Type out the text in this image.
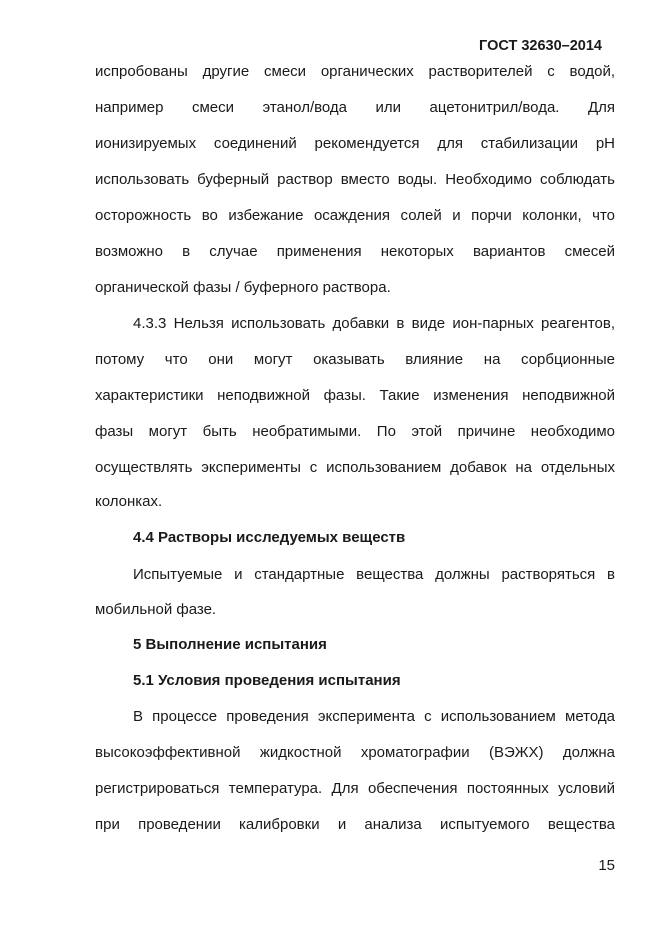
ГОСТ 32630–2014
испробованы другие смеси органических растворителей с водой,
например смеси этанол/вода или ацетонитрил/вода. Для
ионизируемых соединений рекомендуется для стабилизации pH
использовать буферный раствор вместо воды. Необходимо соблюдать
осторожность во избежание осаждения солей и порчи колонки, что
возможно в случае применения некоторых вариантов смесей
органической фазы / буферного раствора.
4.3.3 Нельзя использовать добавки в виде ион-парных реагентов,
потому что они могут оказывать влияние на сорбционные
характеристики неподвижной фазы. Такие изменения неподвижной
фазы могут быть необратимыми. По этой причине необходимо
осуществлять эксперименты с использованием добавок на отдельных
колонках.
4.4 Растворы исследуемых веществ
Испытуемые и стандартные вещества должны растворяться в
мобильной фазе.
5 Выполнение испытания
5.1 Условия проведения испытания
В процессе проведения эксперимента с использованием метода
высокоэффективной жидкостной хроматографии (ВЭЖХ) должна
регистрироваться температура. Для обеспечения постоянных условий
при проведении калибровки и анализа испытуемого вещества
15
